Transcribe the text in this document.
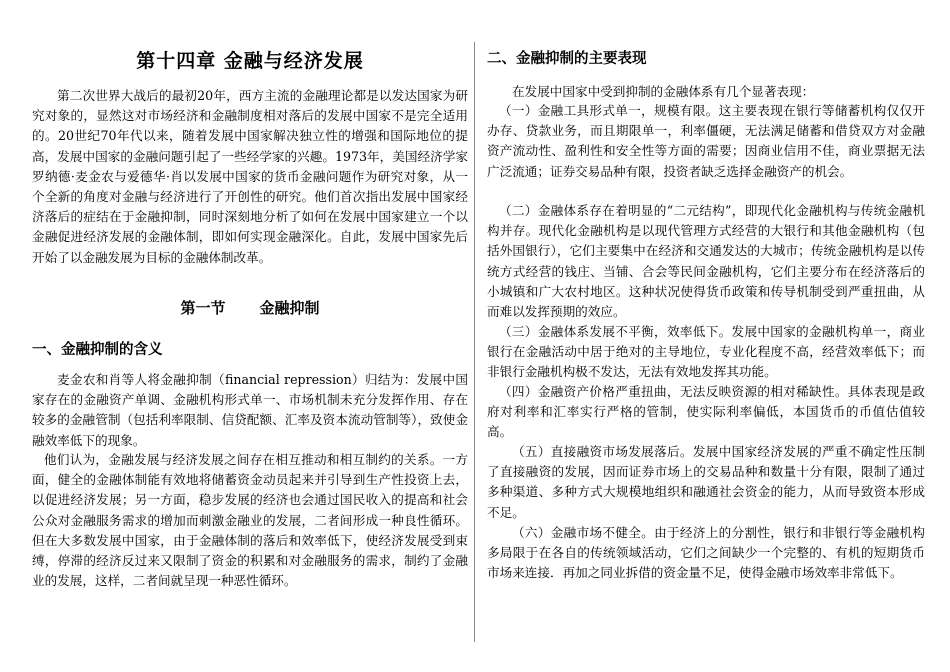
第十四章 金融与经济发展

第二次世界大战后的最初20年，西方主流的金融理论都是以发达国家为研究对象的，显然这对市场经济和金融制度相对落后的发展中国家不是完全适用的。20世纪70年代以来，随着发展中国家解决独立性的增强和国际地位的提高，发展中国家的金融问题引起了一些经学家的兴趣。1973年，美国经济学家罗纳德·麦金农与爱德华·肖以发展中国家的货币金融问题作为研究对象，从一个全新的角度对金融与经济进行了开创性的研究。他们首次指出发展中国家经济落后的症结在于金融抑制，同时深刻地分析了如何在发展中国家建立一个以金融促进经济发展的金融体制，即如何实现金融深化。自此，发展中国家先后开始了以金融发展为目标的金融体制改革。

第一节 金融抑制
一、金融抑制的含义

麦金农和肖等人将金融抑制（financial repression）归结为：发展中国家存在的金融资产单调、金融机构形式单一、市场机制未充分发挥作用、存在较多的金融管制（包括利率限制、信贷配额、汇率及资本流动管制等），致使金融效率低下的现象。

他们认为，金融发展与经济发展之间存在相互推动和相互制约的关系。一方面，健全的金融体制能有效地将储蓄资金动员起来并引导到生产性投资上去，以促进经济发展；另一方面，稳步发展的经济也会通过国民收入的提高和社会公众对金融服务需求的增加而刺激金融业的发展，二者间形成一种良性循环。但在大多数发展中国家，由于金融体制的落后和效率低下，使经济发展受到束缚，停滞的经济反过来又限制了资金的积累和对金融服务的需求，制约了金融业的发展，这样，二者间就呈现一种恶性循环。

二、金融抑制的主要表现

在发展中国家中受到抑制的金融体系有几个显著表现：

（一）金融工具形式单一，规模有限。这主要表现在银行等储蓄机构仅仅开办存、贷款业务，而且期限单一，利率僵硬，无法满足储蓄和借贷双方对金融资产流动性、盈利性和安全性等方面的需要；因商业信用不佳，商业票据无法广泛流通；证券交易品种有限，投资者缺乏选择金融资产的机会。

（二）金融体系存在着明显的“二元结构”，即现代化金融机构与传统金融机构并存。现代化金融机构是以现代管理方式经营的大银行和其他金融机构（包括外国银行），它们主要集中在经济和交通发达的大城市；传统金融机构是以传统方式经营的钱庄、当铺、合会等民间金融机构，它们主要分布在经济落后的小城镇和广大农村地区。这种状况使得货币政策和传导机制受到严重扭曲，从而难以发挥预期的效应。

（三）金融体系发展不平衡，效率低下。发展中国家的金融机构单一，商业银行在金融活动中居于绝对的主导地位，专业化程度不高，经营效率低下；而非银行金融机构极不发达，无法有效地发挥其功能。

（四）金融资产价格严重扭曲，无法反映资源的相对稀缺性。具体表现是政府对利率和汇率实行严格的管制，使实际利率偏低，本国货币的币值估值较高。

（五）直接融资市场发展落后。发展中国家经济发展的严重不确定性压制了直接融资的发展，因而证券市场上的交易品种和数量十分有限，限制了通过多种渠道、多种方式大规模地组织和融通社会资金的能力，从而导致资本形成不足。

（六）金融市场不健全。由于经济上的分割性，银行和非银行等金融机构多局限于在各自的传统领域活动，它们之间缺少一个完整的、有机的短期货币市场来连接．再加之同业拆借的资金量不足，使得金融市场效率非常低下。
